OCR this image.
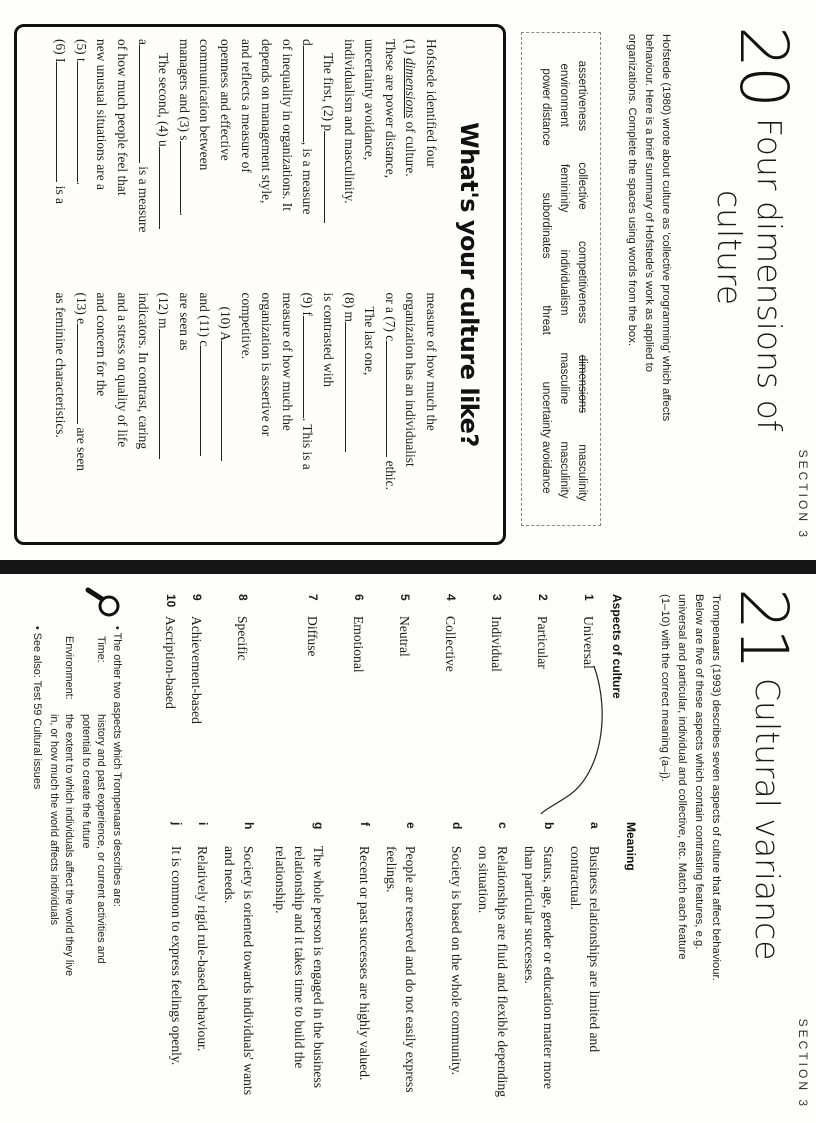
SECTION 3
20
Four dimensions of
culture
Hofstede (1980) wrote about culture as 'collective programming' which affects
behaviour. Here is a brief summary of Hofstede's work as applied to
organizations. Complete the spaces using words from the box.
assertiveness
collective
competitiveness
dimensions
masculinity
environment
femininity
individualism
masculine
masculinity
power distance
subordinates
threat
uncertainty avoidance
What's your culture like?
Hofstede identified four
(1) dimensions of culture.
These are power distance,
uncertainty avoidance,
individualism and masculinity.
The first, (2) p
d, is a measure
of inequality in organizations. It
depends on management style,
and reflects a measure of
openness and effective
communication between
managers and (3) s.
The second, (4) u
a is a measure
of how much people feel that
new unusual situations are a
(5) t.
(6) I is a
measure of how much the
organization has an individualist
or a (7) c ethic.
The last one,
(8) m
is contrasted with
(9) f. This is a
measure of how much the
organization is assertive or
competitive.
(10) A
and (11) c
are seen as
(12) m
indicators. In contrast, caring
and a stress on quality of life
and concern for the
(13) e are seen
as feminine characteristics.
SECTION 3
21
Cultural variance
Trompenaars (1993) describes seven aspects of culture that affect behaviour.
Below are five of these aspects which contain contrasting features, e.g.
universal and particular, individual and collective, etc. Match each feature
(1–10) with the correct meaning (a–j).
Aspects of culture
Meaning
1
Universal
2
Particular
3
Individual
4
Collective
5
Neutral
6
Emotional
7
Diffuse
8
Specific
9
Achievement-based
10
Ascription-based
a
Business relationships are limited and contractual.
b
Status, age, gender or education matter more than particular successes.
c
Relationships are fluid and flexible depending on situation.
d
Society is based on the whole community.
e
People are reserved and do not easily express feelings.
f
Recent or past successes are highly valued.
g
The whole person is engaged in the business relationship and it takes time to build the relationship.
h
Society is oriented towards individuals' wants and needs.
i
Relatively rigid rule-based behaviour.
j
It is common to express feelings openly.
• The other two aspects which Trompenaars describes are:
Time:
history and past experience, or current activities and
potential to create the future
Environment:
the extent to which individuals affect the world they live
in, or how much the world affects individuals
• See also: Test 59 Cultural issues
